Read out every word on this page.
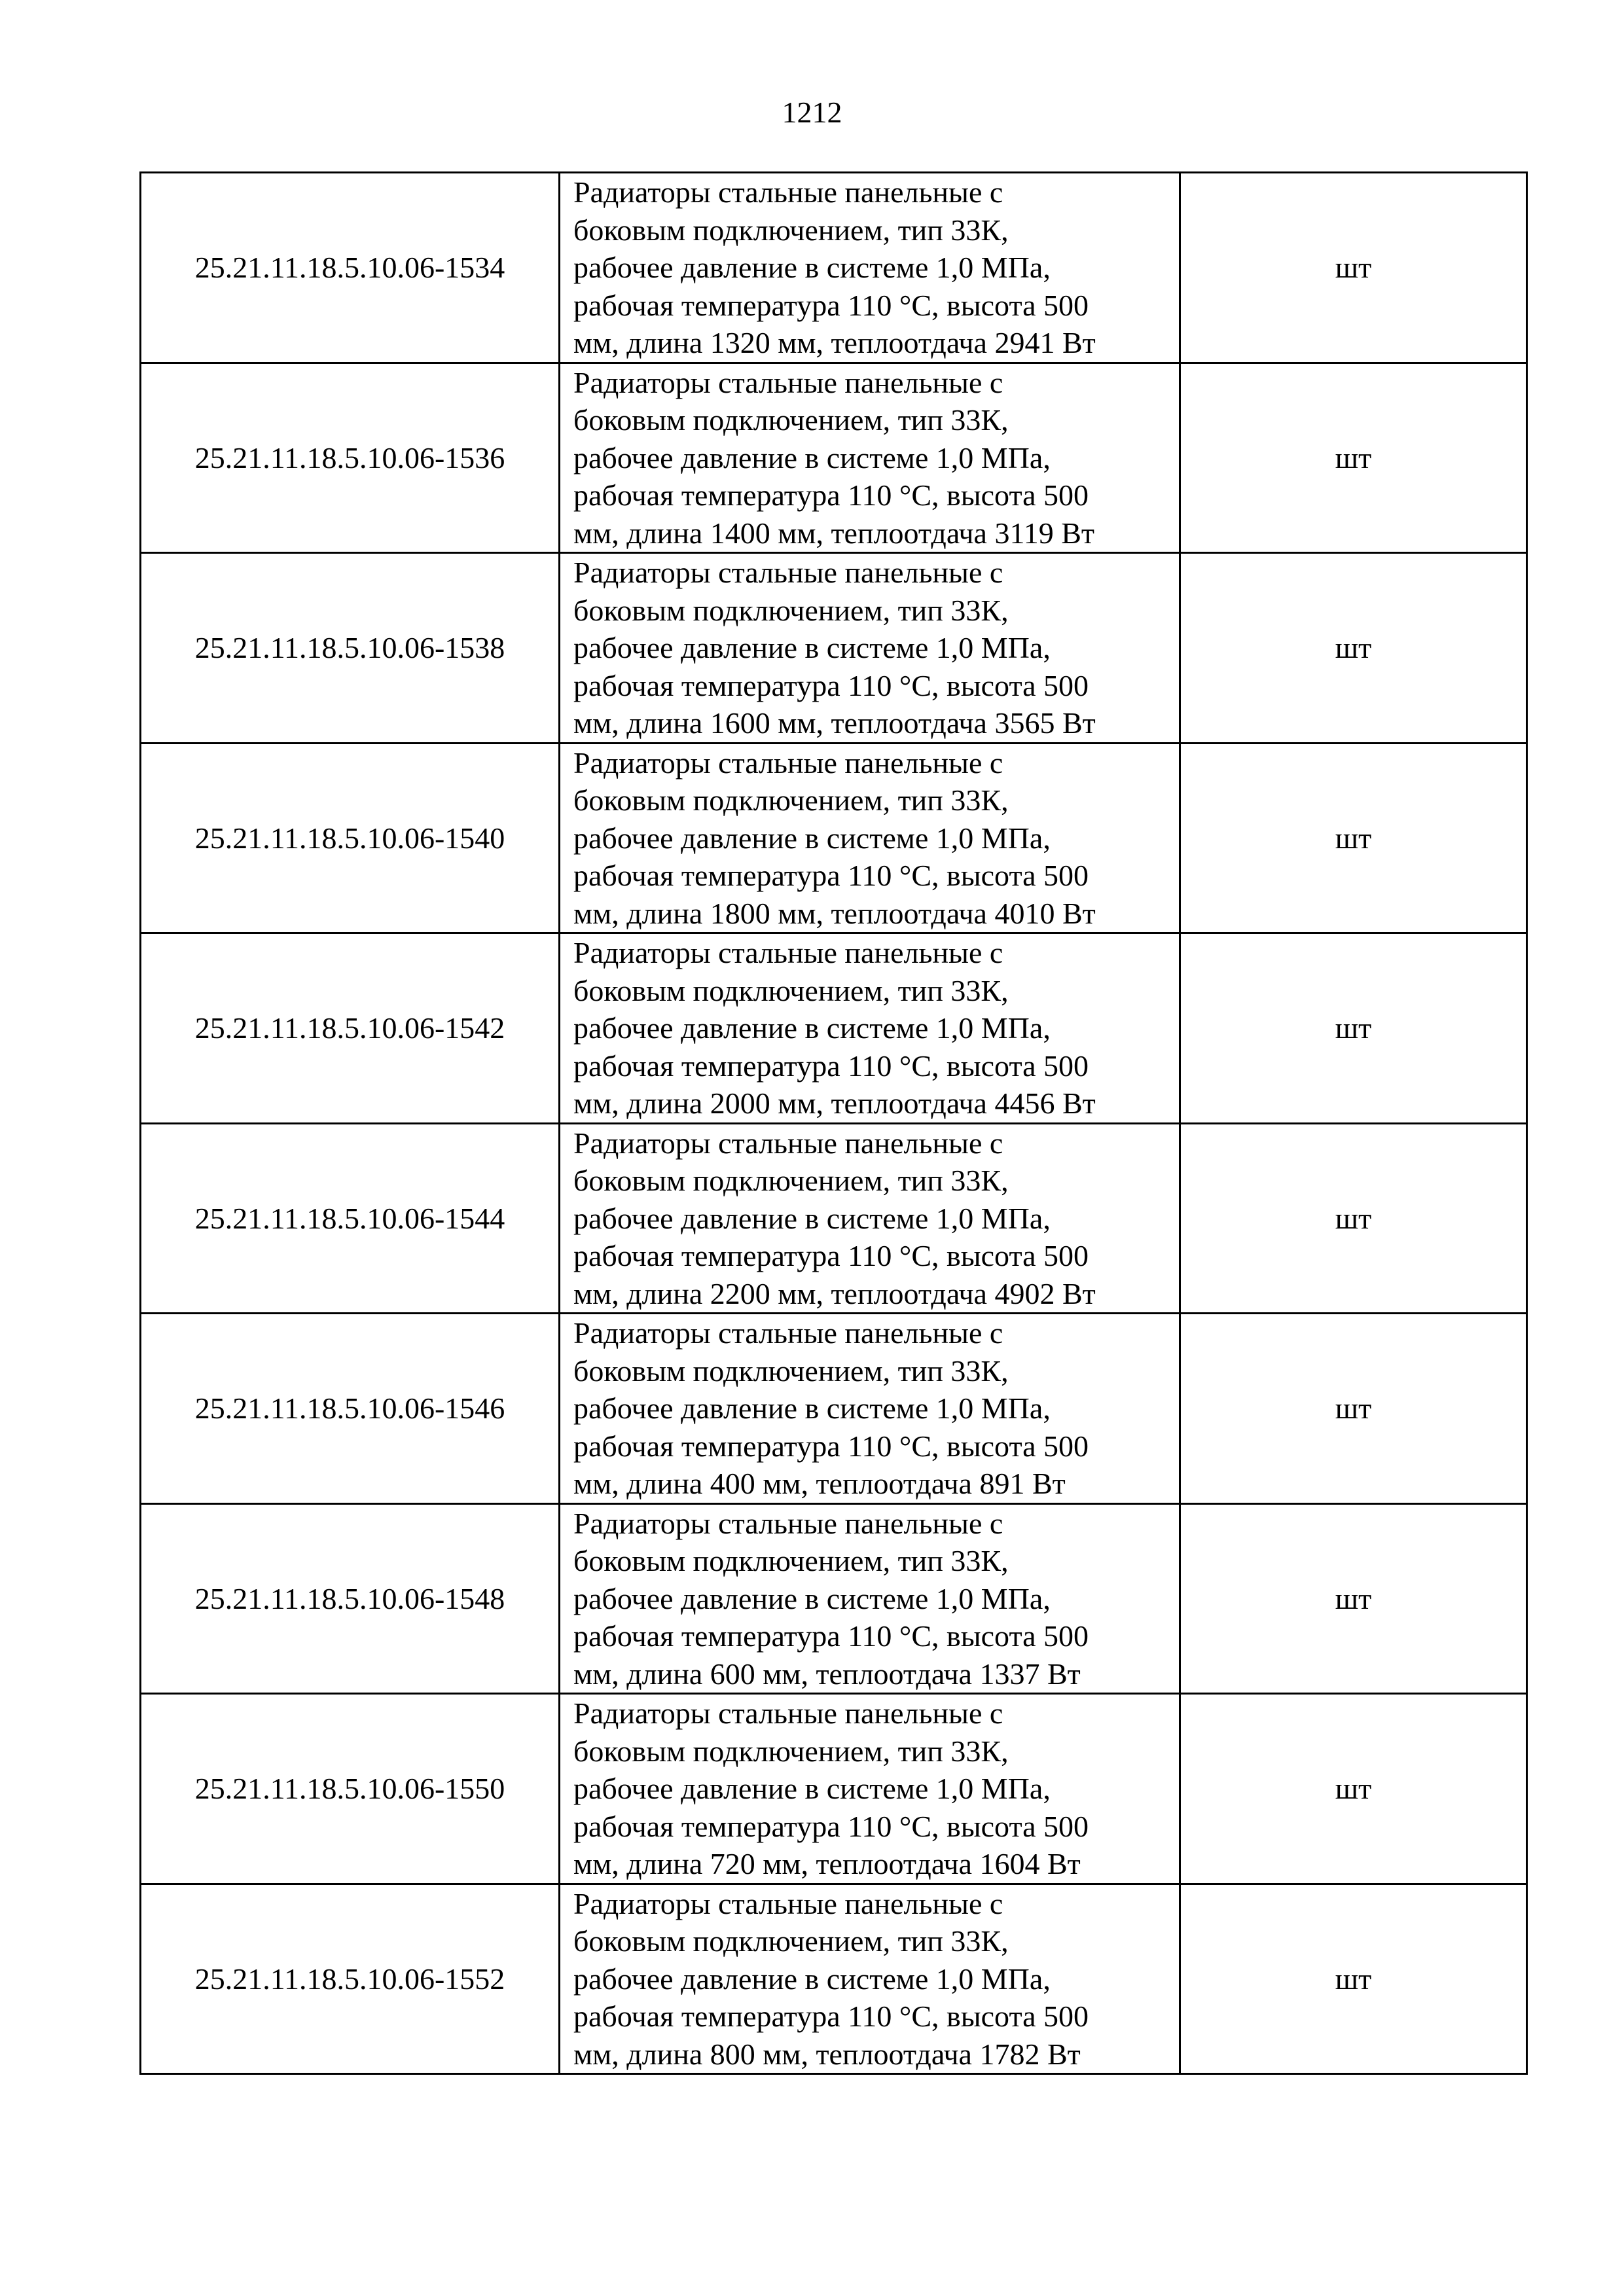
1212
25.21.11.18.5.10.06-1534	Радиаторы стальные панельные с
боковым подключением, тип 33К,
рабочее давление в системе 1,0 МПа,
рабочая температура 110 °С, высота 500
мм, длина 1320 мм, теплоотдача 2941 Вт	шт
25.21.11.18.5.10.06-1536	Радиаторы стальные панельные с
боковым подключением, тип 33К,
рабочее давление в системе 1,0 МПа,
рабочая температура 110 °С, высота 500
мм, длина 1400 мм, теплоотдача 3119 Вт	шт
25.21.11.18.5.10.06-1538	Радиаторы стальные панельные с
боковым подключением, тип 33К,
рабочее давление в системе 1,0 МПа,
рабочая температура 110 °С, высота 500
мм, длина 1600 мм, теплоотдача 3565 Вт	шт
25.21.11.18.5.10.06-1540	Радиаторы стальные панельные с
боковым подключением, тип 33К,
рабочее давление в системе 1,0 МПа,
рабочая температура 110 °С, высота 500
мм, длина 1800 мм, теплоотдача 4010 Вт	шт
25.21.11.18.5.10.06-1542	Радиаторы стальные панельные с
боковым подключением, тип 33К,
рабочее давление в системе 1,0 МПа,
рабочая температура 110 °С, высота 500
мм, длина 2000 мм, теплоотдача 4456 Вт	шт
25.21.11.18.5.10.06-1544	Радиаторы стальные панельные с
боковым подключением, тип 33К,
рабочее давление в системе 1,0 МПа,
рабочая температура 110 °С, высота 500
мм, длина 2200 мм, теплоотдача 4902 Вт	шт
25.21.11.18.5.10.06-1546	Радиаторы стальные панельные с
боковым подключением, тип 33К,
рабочее давление в системе 1,0 МПа,
рабочая температура 110 °С, высота 500
мм, длина 400 мм, теплоотдача 891 Вт	шт
25.21.11.18.5.10.06-1548	Радиаторы стальные панельные с
боковым подключением, тип 33К,
рабочее давление в системе 1,0 МПа,
рабочая температура 110 °С, высота 500
мм, длина 600 мм, теплоотдача 1337 Вт	шт
25.21.11.18.5.10.06-1550	Радиаторы стальные панельные с
боковым подключением, тип 33К,
рабочее давление в системе 1,0 МПа,
рабочая температура 110 °С, высота 500
мм, длина 720 мм, теплоотдача 1604 Вт	шт
25.21.11.18.5.10.06-1552	Радиаторы стальные панельные с
боковым подключением, тип 33К,
рабочее давление в системе 1,0 МПа,
рабочая температура 110 °С, высота 500
мм, длина 800 мм, теплоотдача 1782 Вт	шт
